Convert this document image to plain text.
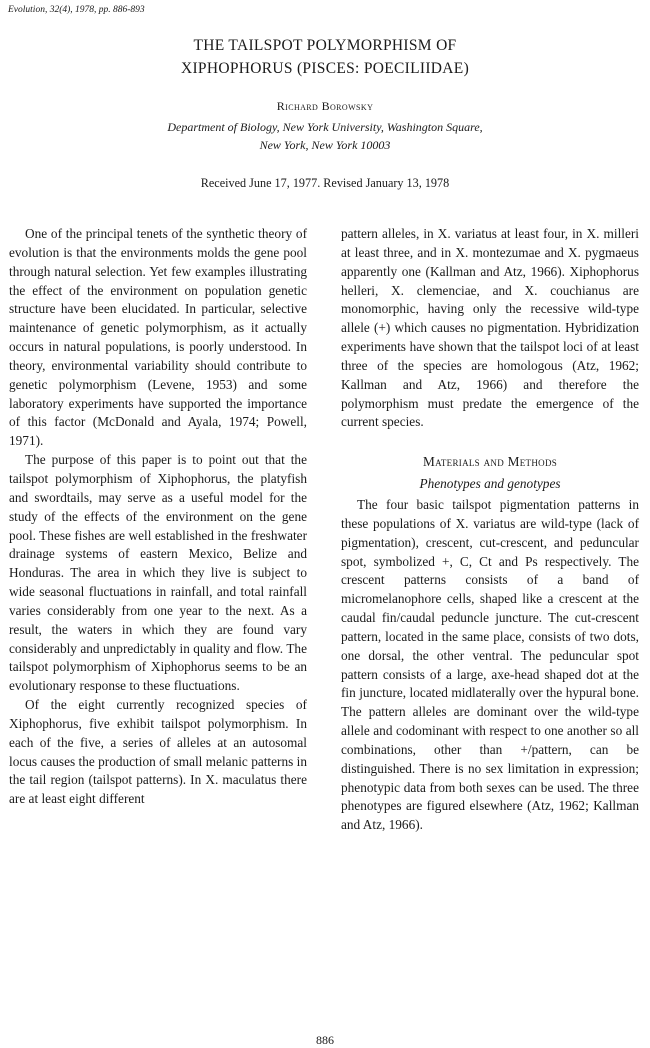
Evolution, 32(4), 1978, pp. 886-893
THE TAILSPOT POLYMORPHISM OF
XIPHOPHORUS (PISCES: POECILIIDAE)
Richard Borowsky
Department of Biology, New York University, Washington Square,
New York, New York 10003
Received June 17, 1977. Revised January 13, 1978

One of the principal tenets of the synthetic theory of evolution is that the environments molds the gene pool through natural selection. Yet few examples illustrating the effect of the environment on population genetic structure have been elucidated. In particular, selective maintenance of genetic polymorphism, as it actually occurs in natural populations, is poorly understood. In theory, environmental variability should contribute to genetic polymorphism (Levene, 1953) and some laboratory experiments have supported the importance of this factor (McDonald and Ayala, 1974; Powell, 1971).

The purpose of this paper is to point out that the tailspot polymorphism of Xiphophorus, the platyfish and swordtails, may serve as a useful model for the study of the effects of the environment on the gene pool. These fishes are well established in the freshwater drainage systems of eastern Mexico, Belize and Honduras. The area in which they live is subject to wide seasonal fluctuations in rainfall, and total rainfall varies considerably from one year to the next. As a result, the waters in which they are found vary considerably and unpredictably in quality and flow. The tailspot polymorphism of Xiphophorus seems to be an evolutionary response to these fluctuations.

Of the eight currently recognized species of Xiphophorus, five exhibit tailspot polymorphism. In each of the five, a series of alleles at an autosomal locus causes the production of small melanic patterns in the tail region (tailspot patterns). In X. maculatus there are at least eight different

pattern alleles, in X. variatus at least four, in X. milleri at least three, and in X. montezumae and X. pygmaeus apparently one (Kallman and Atz, 1966). Xiphophorus helleri, X. clemenciae, and X. couchianus are monomorphic, having only the recessive wild-type allele (+) which causes no pigmentation. Hybridization experiments have shown that the tailspot loci of at least three of the species are homologous (Atz, 1962; Kallman and Atz, 1966) and therefore the polymorphism must predate the emergence of the current species.

Materials and Methods
Phenotypes and genotypes

The four basic tailspot pigmentation patterns in these populations of X. variatus are wild-type (lack of pigmentation), crescent, cut-crescent, and peduncular spot, symbolized +, C, Ct and Ps respectively. The crescent patterns consists of a band of micromelanophore cells, shaped like a crescent at the caudal fin/caudal peduncle juncture. The cut-crescent pattern, located in the same place, consists of two dots, one dorsal, the other ventral. The peduncular spot pattern consists of a large, axe-head shaped dot at the fin juncture, located midlaterally over the hypural bone. The pattern alleles are dominant over the wild-type allele and codominant with respect to one another so all combinations, other than +/pattern, can be distinguished. There is no sex limitation in expression; phenotypic data from both sexes can be used. The three phenotypes are figured elsewhere (Atz, 1962; Kallman and Atz, 1966).

886
